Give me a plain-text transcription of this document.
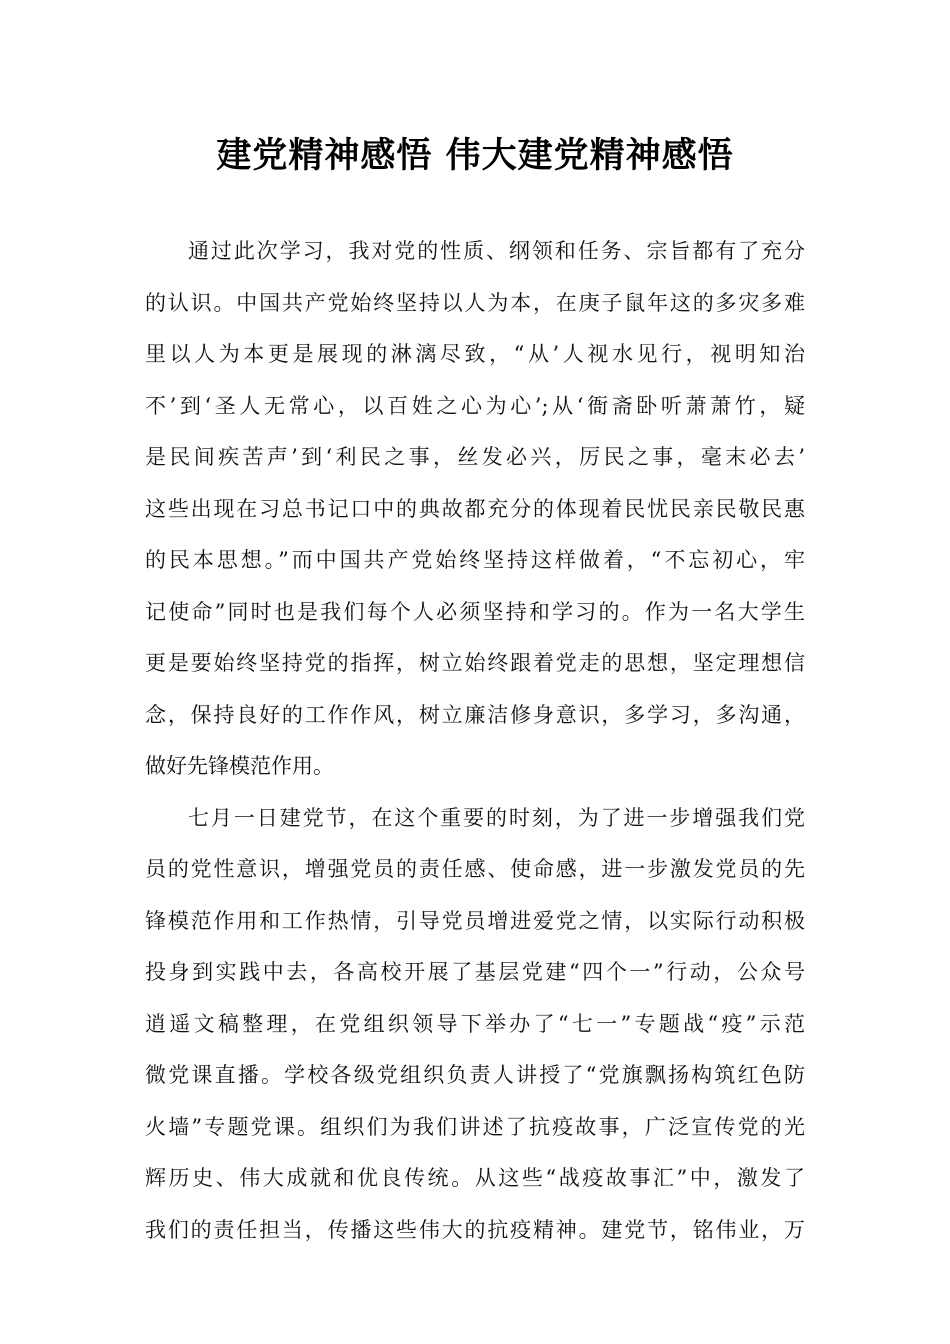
建党精神感悟 伟大建党精神感悟
通过此次学习，我对党的性质、纲领和任务、宗旨都有了充分
的认识。中国共产党始终坚持以人为本，在庚子鼠年这的多灾多难
里以人为本更是展现的淋漓尽致，“从’人视水见行，视明知治
不’到‘圣人无常心，以百姓之心为心’;从‘衙斋卧听萧萧竹，疑
是民间疾苦声’到‘利民之事，丝发必兴，厉民之事，毫末必去’
这些出现在习总书记口中的典故都充分的体现着民忧民亲民敬民惠
的民本思想。”而中国共产党始终坚持这样做着，“不忘初心，牢
记使命”同时也是我们每个人必须坚持和学习的。作为一名大学生
更是要始终坚持党的指挥，树立始终跟着党走的思想，坚定理想信
念，保持良好的工作作风，树立廉洁修身意识，多学习，多沟通，
做好先锋模范作用。
七月一日建党节，在这个重要的时刻，为了进一步增强我们党
员的党性意识，增强党员的责任感、使命感，进一步激发党员的先
锋模范作用和工作热情，引导党员增进爱党之情，以实际行动积极
投身到实践中去，各高校开展了基层党建“四个一”行动，公众号
逍遥文稿整理，在党组织领导下举办了“七一”专题战“疫”示范
微党课直播。学校各级党组织负责人讲授了“党旗飘扬构筑红色防
火墙”专题党课。组织们为我们讲述了抗疫故事，广泛宣传党的光
辉历史、伟大成就和优良传统。从这些“战疫故事汇”中，激发了
我们的责任担当，传播这些伟大的抗疫精神。建党节，铭伟业，万
